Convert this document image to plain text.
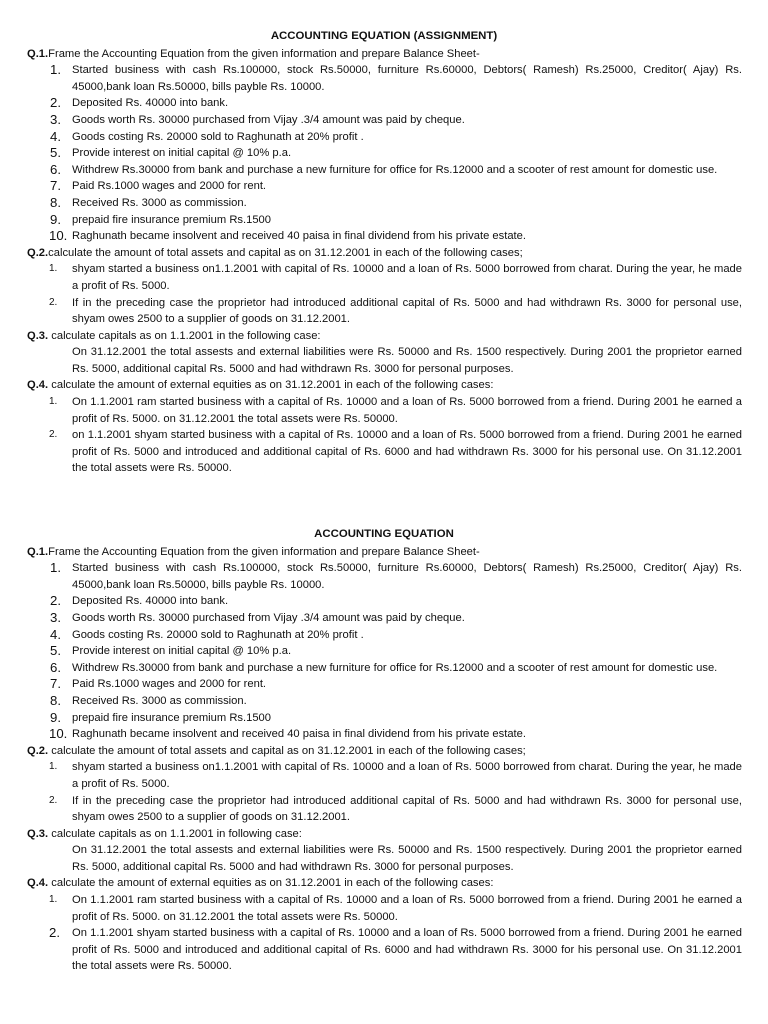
ACCOUNTING EQUATION (ASSIGNMENT)

Q.1.Frame the Accounting Equation from the given information and prepare Balance Sheet-

1. Started business with cash Rs.100000, stock Rs.50000, furniture Rs.60000, Debtors( Ramesh) Rs.25000, Creditor( Ajay) Rs. 45000,bank loan Rs.50000, bills payble Rs. 10000.
2. Deposited Rs. 40000 into bank.
3. Goods worth Rs. 30000 purchased from Vijay .3/4 amount was paid by cheque.
4. Goods costing Rs. 20000 sold to Raghunath at 20% profit .
5. Provide interest on initial capital @ 10% p.a.
6. Withdrew Rs.30000 from bank and purchase a new furniture for office for Rs.12000 and a scooter of rest amount for domestic use.
7. Paid Rs.1000 wages and 2000 for rent.
8. Received Rs. 3000 as commission.
9. prepaid fire insurance premium Rs.1500
10. Raghunath became insolvent and received 40 paisa in final dividend from his private estate.

Q.2.calculate the amount of total assets and capital as on 31.12.2001 in each of the following cases;

1.	shyam started a business on1.1.2001 with capital of Rs. 10000 and a loan of Rs. 5000 borrowed from charat. During the year, he made a profit of Rs. 5000.
2.	If in the preceding case the proprietor had introduced additional capital of Rs. 5000 and had withdrawn Rs. 3000 for personal use, shyam owes 2500 to a supplier of goods on 31.12.2001.

Q.3. calculate capitals as on 1.1.2001 in the following case:

On 31.12.2001 the total assests and external liabilities were Rs. 50000 and Rs. 1500 respectively. During 2001 the proprietor earned Rs. 5000, additional capital Rs. 5000 and had withdrawn Rs. 3000 for personal purposes.

Q.4. calculate the amount of external equities as on 31.12.2001 in each of the following cases:

1.	On 1.1.2001 ram started business with a capital of Rs. 10000 and a loan of Rs. 5000 borrowed from a friend. During 2001 he earned a profit of Rs. 5000. on 31.12.2001 the total assets were Rs. 50000.
2.	on 1.1.2001 shyam started business with a capital of Rs. 10000 and a loan of Rs. 5000 borrowed from a friend. During 2001 he earned profit of Rs. 5000 and introduced and additional capital of Rs. 6000 and had withdrawn Rs. 3000 for his personal use. On 31.12.2001 the total assets were Rs. 50000.

ACCOUNTING EQUATION

Q.1.Frame the Accounting Equation from the given information and prepare Balance Sheet-

1. Started business with cash Rs.100000, stock Rs.50000, furniture Rs.60000, Debtors( Ramesh) Rs.25000, Creditor( Ajay) Rs. 45000,bank loan Rs.50000, bills payble Rs. 10000.
2. Deposited Rs. 40000 into bank.
3. Goods worth Rs. 30000 purchased from Vijay .3/4 amount was paid by cheque.
4. Goods costing Rs. 20000 sold to Raghunath at 20% profit .
5. Provide interest on initial capital @ 10% p.a.
6. Withdrew Rs.30000 from bank and purchase a new furniture for office for Rs.12000 and a scooter of rest amount for domestic use.
7. Paid Rs.1000 wages and 2000 for rent.
8. Received Rs. 3000 as commission.
9. prepaid fire insurance premium Rs.1500
10. Raghunath became insolvent and received 40 paisa in final dividend from his private estate.

Q.2. calculate the amount of total assets and capital as on 31.12.2001 in each of the following cases;

1.	shyam started a business on1.1.2001 with capital of Rs. 10000 and a loan of Rs. 5000 borrowed from charat. During the year, he made a profit of Rs. 5000.
2.	If in the preceding case the proprietor had introduced additional capital of Rs. 5000 and had withdrawn Rs. 3000 for personal use, shyam owes 2500 to a supplier of goods on 31.12.2001.

Q.3. calculate capitals as on 1.1.2001 in following case:

On 31.12.2001 the total assests and external liabilities were Rs. 50000 and Rs. 1500 respectively. During 2001 the proprietor earned Rs. 5000, additional capital Rs. 5000 and had withdrawn Rs. 3000 for personal purposes.

Q.4. calculate the amount of external equities as on 31.12.2001 in each of the following cases:

1.	On 1.1.2001 ram started business with a capital of Rs. 10000 and a loan of Rs. 5000 borrowed from a friend. During 2001 he earned a profit of Rs. 5000. on 31.12.2001 the total assets were Rs. 50000.
2. On 1.1.2001 shyam started business with a capital of Rs. 10000 and a loan of Rs. 5000 borrowed from a friend. During 2001 he earned profit of Rs. 5000 and introduced and additional capital of Rs. 6000 and had withdrawn Rs. 3000 for his personal use. On 31.12.2001 the total assets were Rs. 50000.
